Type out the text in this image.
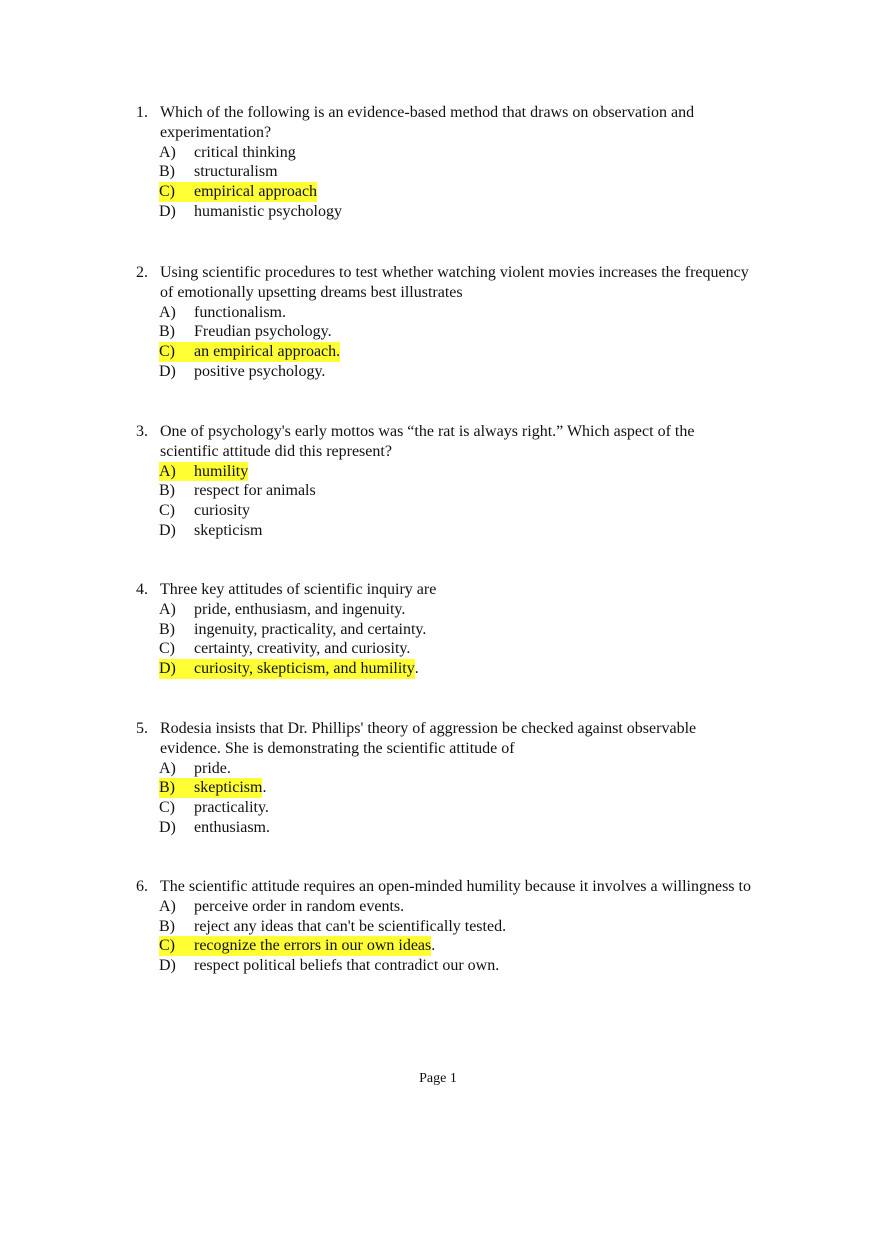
1. Which of the following is an evidence-based method that draws on observation and experimentation?

A) critical thinking
B) structuralism
C) empirical approach
D) humanistic psychology

2. Using scientific procedures to test whether watching violent movies increases the frequency of emotionally upsetting dreams best illustrates

A) functionalism.
B) Freudian psychology.
C) an empirical approach.
D) positive psychology.

3. One of psychology's early mottos was “the rat is always right.” Which aspect of the scientific attitude did this represent?

A) humility
B) respect for animals
C) curiosity
D) skepticism

4. Three key attitudes of scientific inquiry are

A) pride, enthusiasm, and ingenuity.
B) ingenuity, practicality, and certainty.
C) certainty, creativity, and curiosity.
D) curiosity, skepticism, and humility.

5. Rodesia insists that Dr. Phillips' theory of aggression be checked against observable evidence. She is demonstrating the scientific attitude of

A) pride.
B) skepticism.
C) practicality.
D) enthusiasm.

6. The scientific attitude requires an open-minded humility because it involves a willingness to

A) perceive order in random events.
B) reject any ideas that can't be scientifically tested.
C) recognize the errors in our own ideas.
D) respect political beliefs that contradict our own.
Page 1
